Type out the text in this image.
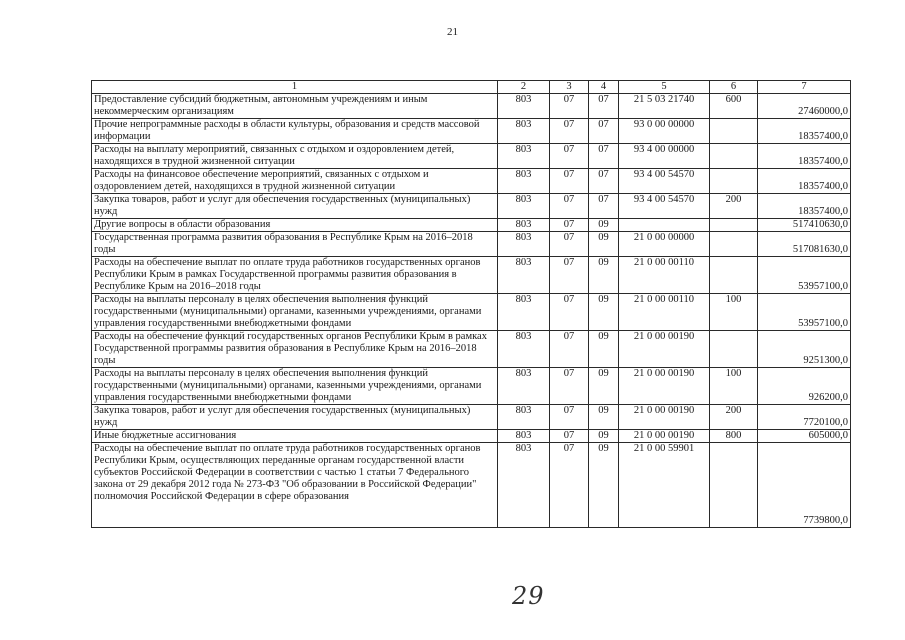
21
1	2	3	4	5	6	7
Предоставление субсидий бюджетным, автономным учреждениям и иным некоммерческим организациям	803	07	07	21 5 03 21740	600	27460000,0
Прочие непрограммные расходы в области культуры, образования и средств массовой информации	803	07	07	93 0 00 00000		18357400,0
Расходы на выплату мероприятий, связанных с отдыхом и оздоровлением детей, находящихся в трудной жизненной ситуации	803	07	07	93 4 00 00000		18357400,0
Расходы на финансовое обеспечение мероприятий, связанных с отдыхом и оздоровлением детей, находящихся в трудной жизненной ситуации	803	07	07	93 4 00 54570		18357400,0
Закупка товаров, работ и услуг для обеспечения государственных (муниципальных) нужд	803	07	07	93 4 00 54570	200	18357400,0
Другие вопросы в области образования	803	07	09			517410630,0
Государственная программа развития образования в Республике Крым на 2016–2018 годы	803	07	09	21 0 00 00000		517081630,0
Расходы на обеспечение выплат по оплате труда работников государственных органов Республики Крым в рамках Государственной программы развития образования в Республике Крым на 2016–2018 годы	803	07	09	21 0 00 00110		53957100,0
Расходы на выплаты персоналу в целях обеспечения выполнения функций государственными (муниципальными) органами, казенными учреждениями, органами управления государственными внебюджетными фондами	803	07	09	21 0 00 00110	100	53957100,0
Расходы на обеспечение функций государственных органов Республики Крым в рамках Государственной программы развития образования в Республике Крым на 2016–2018 годы	803	07	09	21 0 00 00190		9251300,0
Расходы на выплаты персоналу в целях обеспечения выполнения функций государственными (муниципальными) органами, казенными учреждениями, органами управления государственными внебюджетными фондами	803	07	09	21 0 00 00190	100	926200,0
Закупка товаров, работ и услуг для обеспечения государственных (муниципальных) нужд	803	07	09	21 0 00 00190	200	7720100,0
Иные бюджетные ассигнования	803	07	09	21 0 00 00190	800	605000,0
Расходы на обеспечение выплат по оплате труда работников государственных органов Республики Крым, осуществляющих переданные органам государственной власти субъектов Российской Федерации в соответствии с частью 1 статьи 7 Федерального закона от 29 декабря 2012 года № 273-ФЗ "Об образовании в Российской Федерации" полномочия Российской Федерации в сфере образования	803	07	09	21 0 00 59901		7739800,0
29
